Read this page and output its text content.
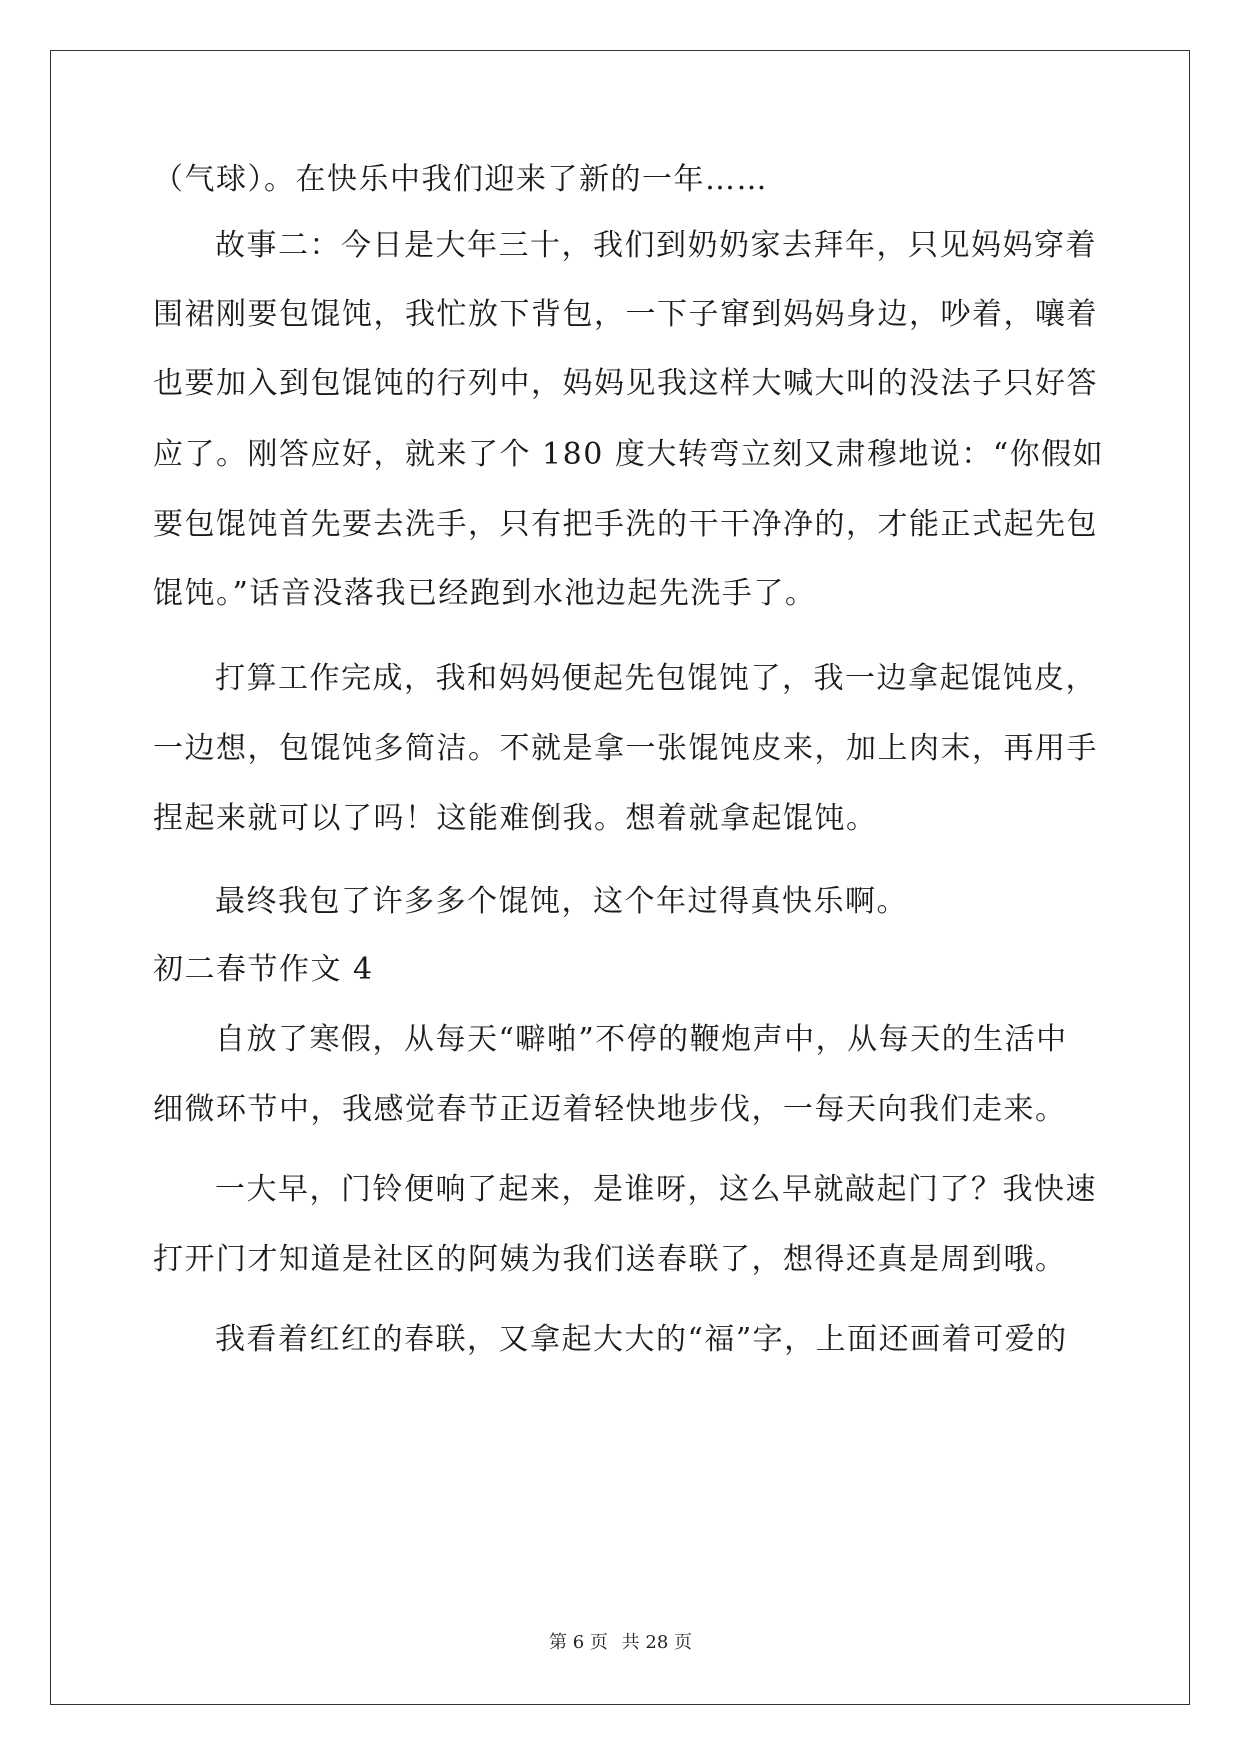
（气球）。在快乐中我们迎来了新的一年……
故事二：今日是大年三十，我们到奶奶家去拜年，只见妈妈穿着
围裙刚要包馄饨，我忙放下背包，一下子窜到妈妈身边，吵着，嚷着
也要加入到包馄饨的行列中，妈妈见我这样大喊大叫的没法子只好答
应了。刚答应好，就来了个 180 度大转弯立刻又肃穆地说：“你假如
要包馄饨首先要去洗手，只有把手洗的干干净净的，才能正式起先包
馄饨。”话音没落我已经跑到水池边起先洗手了。
打算工作完成，我和妈妈便起先包馄饨了，我一边拿起馄饨皮，
一边想，包馄饨多简洁。不就是拿一张馄饨皮来，加上肉末，再用手
捏起来就可以了吗！这能难倒我。想着就拿起馄饨。
最终我包了许多多个馄饨，这个年过得真快乐啊。
初二春节作文 4
自放了寒假，从每天“噼啪”不停的鞭炮声中，从每天的生活中
细微环节中，我感觉春节正迈着轻快地步伐，一每天向我们走来。
一大早，门铃便响了起来，是谁呀，这么早就敲起门了？我快速
打开门才知道是社区的阿姨为我们送春联了，想得还真是周到哦。
我看着红红的春联，又拿起大大的“福”字，上面还画着可爱的
第 6 页 共 28 页
